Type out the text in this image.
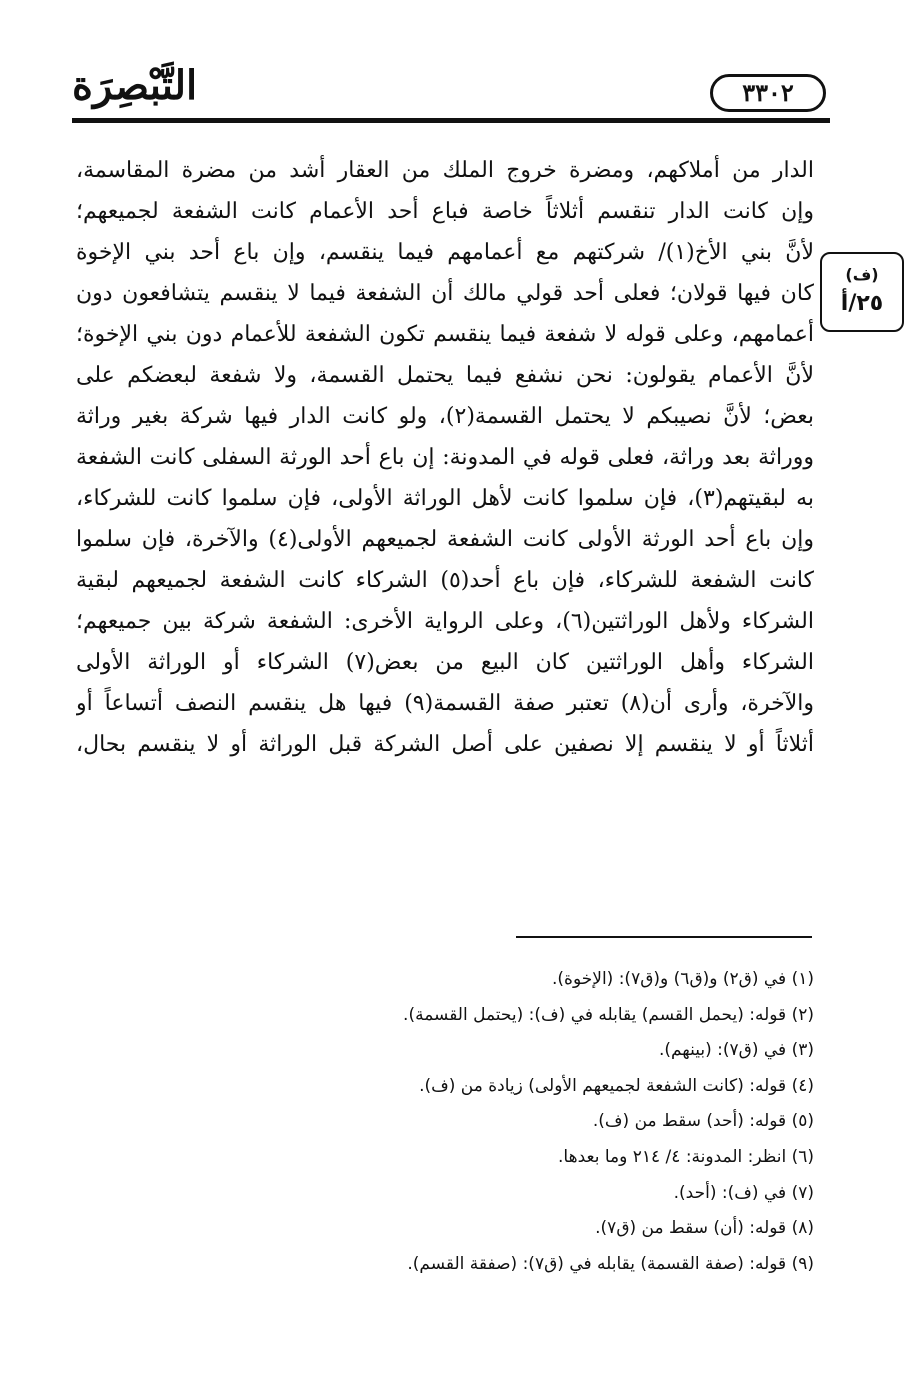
التَّبْصِرَة	٣٣٠٢
(ف)
٢٥/أ
الدار من أملاكهم، ومضرة خروج الملك من العقار أشد من مضرة المقاسمة،
وإن كانت الدار تنقسم أثلاثاً خاصة فباع أحد الأعمام كانت الشفعة لجميعهم؛
لأنَّ بني الأخ(١)/ شركتهم مع أعمامهم فيما ينقسم، وإن باع أحد بني الإخوة
كان فيها قولان؛ فعلى أحد قولي مالك أن الشفعة فيما لا ينقسم يتشافعون دون
أعمامهم، وعلى قوله لا شفعة فيما ينقسم تكون الشفعة للأعمام دون بني الإخوة؛
لأنَّ الأعمام يقولون: نحن نشفع فيما يحتمل القسمة، ولا شفعة لبعضكم على
بعض؛ لأنَّ نصيبكم لا يحتمل القسمة(٢)، ولو كانت الدار فيها شركة بغير وراثة
ووراثة بعد وراثة، فعلى قوله في المدونة: إن باع أحد الورثة السفلى كانت الشفعة
به لبقيتهم(٣)، فإن سلموا كانت لأهل الوراثة الأولى، فإن سلموا كانت للشركاء،
وإن باع أحد الورثة الأولى كانت الشفعة لجميعهم الأولى(٤) والآخرة، فإن سلموا
كانت الشفعة للشركاء، فإن باع أحد(٥) الشركاء كانت الشفعة لجميعهم لبقية
الشركاء ولأهل الوراثتين(٦)، وعلى الرواية الأخرى: الشفعة شركة بين جميعهم؛
الشركاء وأهل الوراثتين كان البيع من بعض(٧) الشركاء أو الوراثة الأولى
والآخرة، وأرى أن(٨) تعتبر صفة القسمة(٩) فيها هل ينقسم النصف أتساعاً أو
أثلاثاً أو لا ينقسم إلا نصفين على أصل الشركة قبل الوراثة أو لا ينقسم بحال،
(١) في (ق٢) و(ق٦) و(ق٧): (الإخوة).
(٢) قوله: (يحمل القسم) يقابله في (ف): (يحتمل القسمة).
(٣) في (ق٧): (بينهم).
(٤) قوله: (كانت الشفعة لجميعهم الأولى) زيادة من (ف).
(٥) قوله: (أحد) سقط من (ف).
(٦) انظر: المدونة: ٤/ ٢١٤ وما بعدها.
(٧) في (ف): (أحد).
(٨) قوله: (أن) سقط من (ق٧).
(٩) قوله: (صفة القسمة) يقابله في (ق٧): (صفقة القسم).
